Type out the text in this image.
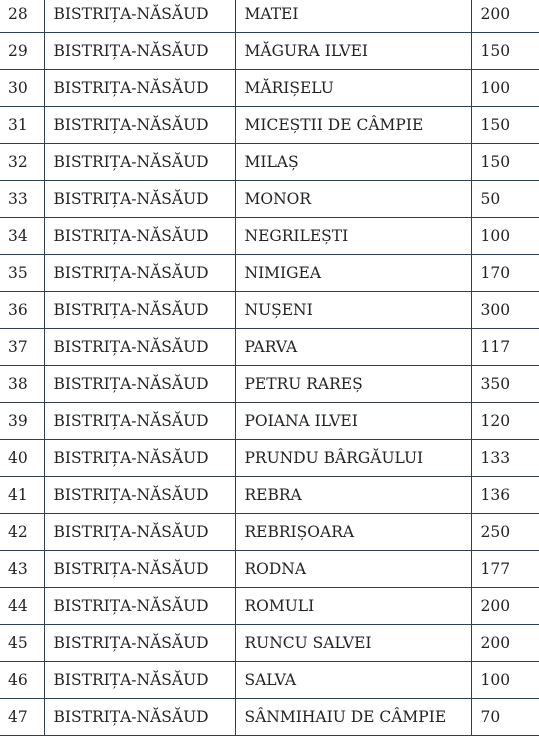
28	BISTRIȚA-NĂSĂUD	MATEI	200
29	BISTRIȚA-NĂSĂUD	MĂGURA ILVEI	150
30	BISTRIȚA-NĂSĂUD	MĂRIȘELU	100
31	BISTRIȚA-NĂSĂUD	MICEȘTII DE CÂMPIE	150
32	BISTRIȚA-NĂSĂUD	MILAȘ	150
33	BISTRIȚA-NĂSĂUD	MONOR	50
34	BISTRIȚA-NĂSĂUD	NEGRILEȘTI	100
35	BISTRIȚA-NĂSĂUD	NIMIGEA	170
36	BISTRIȚA-NĂSĂUD	NUȘENI	300
37	BISTRIȚA-NĂSĂUD	PARVA	117
38	BISTRIȚA-NĂSĂUD	PETRU RAREȘ	350
39	BISTRIȚA-NĂSĂUD	POIANA ILVEI	120
40	BISTRIȚA-NĂSĂUD	PRUNDU BÂRGĂULUI	133
41	BISTRIȚA-NĂSĂUD	REBRA	136
42	BISTRIȚA-NĂSĂUD	REBRIȘOARA	250
43	BISTRIȚA-NĂSĂUD	RODNA	177
44	BISTRIȚA-NĂSĂUD	ROMULI	200
45	BISTRIȚA-NĂSĂUD	RUNCU SALVEI	200
46	BISTRIȚA-NĂSĂUD	SALVA	100
47	BISTRIȚA-NĂSĂUD	SÂNMIHAIU DE CÂMPIE	70
